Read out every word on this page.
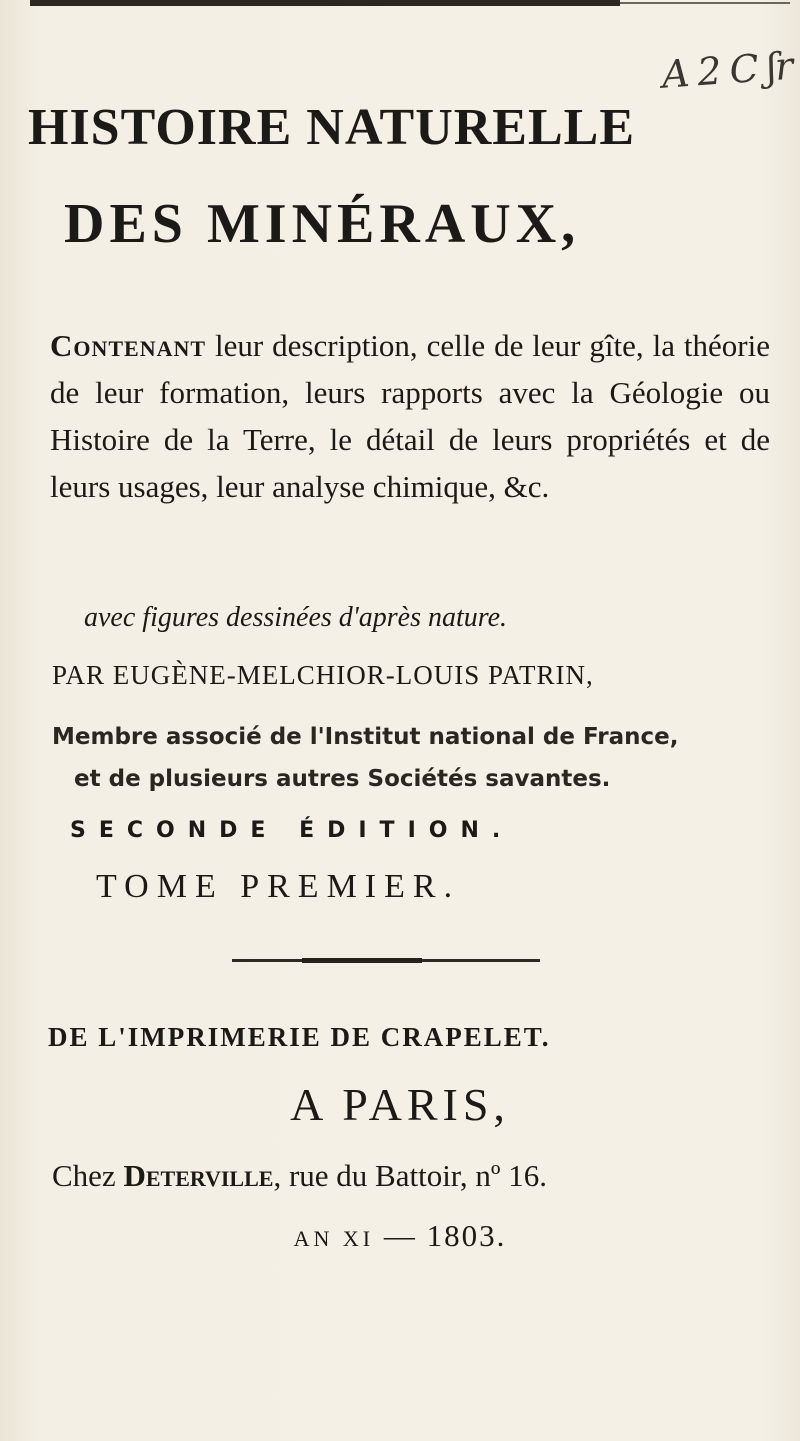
A 2 C ʃr

HISTOIRE NATURELLE

DES MINÉRAUX,

Contenant leur description, celle de leur gîte, la théorie de leur formation, leurs rapports avec la Géologie ou Histoire de la Terre, le détail de leurs propriétés et de leurs usages, leur analyse chimique, &c.

avec figures dessinées d'après nature.

PAR EUGÈNE-MELCHIOR-LOUIS PATRIN,

Membre associé de l'Institut national de France,
et de plusieurs autres Sociétés savantes.

SECONDE ÉDITION.

TOME PREMIER.

DE L'IMPRIMERIE DE CRAPELET.

A PARIS,

Chez Deterville, rue du Battoir, nº 16.

AN XI — 1803.
